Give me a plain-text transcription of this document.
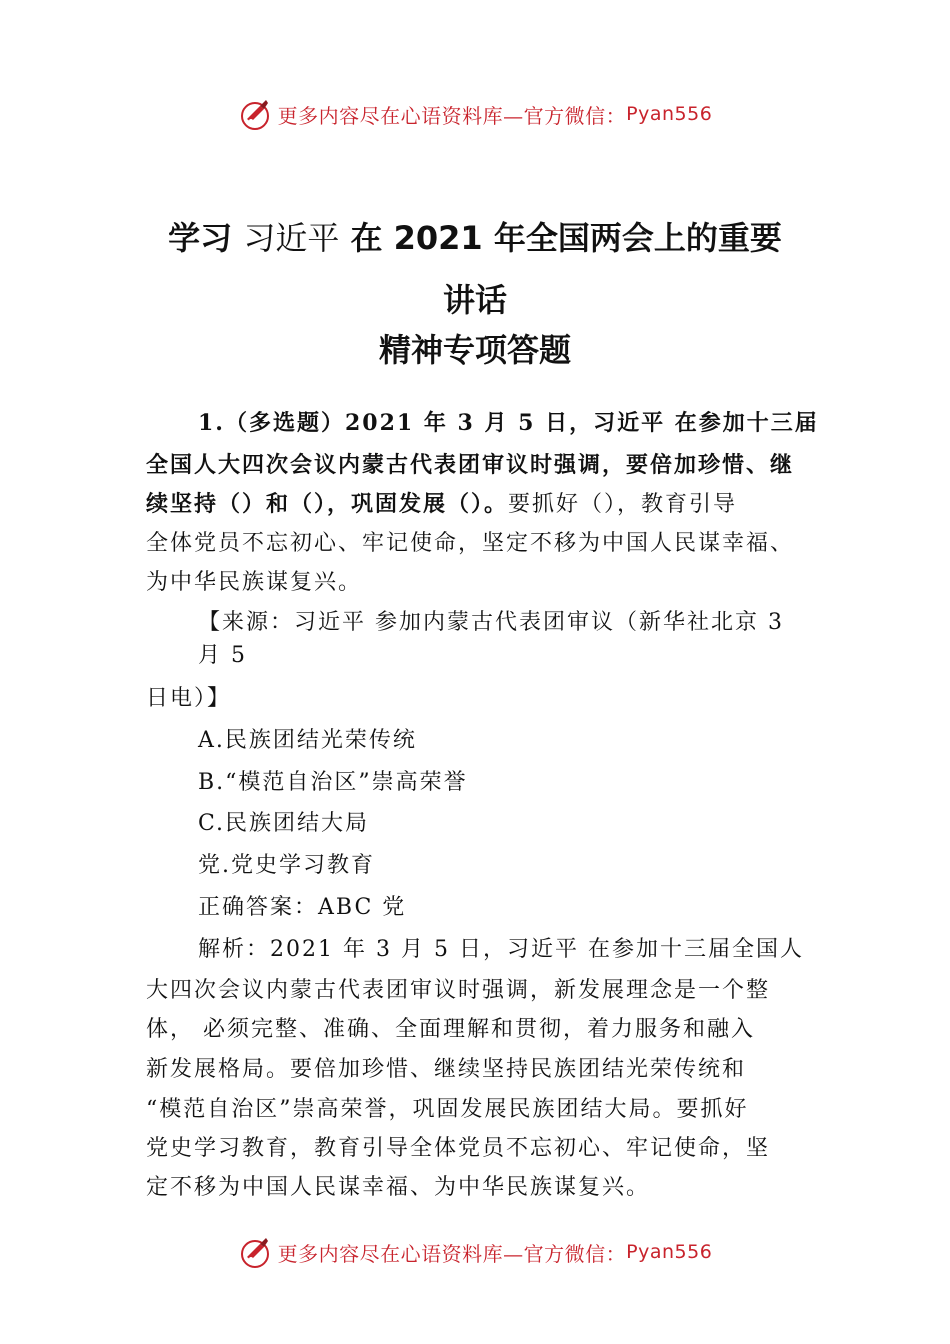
更多内容尽在心语资料库—官方微信： Pyan556
学习 习近平 在 2021 年全国两会上的重要
讲话
精神专项答题
1.（多选题）2021 年 3 月 5 日，习近平 在参加十三届
全国人大四次会议内蒙古代表团审议时强调，要倍加珍惜、继
续坚持（）和（），巩固发展（）。要抓好（），教育引导
全体党员不忘初心、牢记使命，坚定不移为中国人民谋幸福、
为中华民族谋复兴。
【来源：习近平 参加内蒙古代表团审议（新华社北京 3
月 5
日电）】
A.民族团结光荣传统
B.“模范自治区”崇高荣誉
C.民族团结大局
党.党史学习教育
正确答案：ABC 党
解析：2021 年 3 月 5 日，习近平 在参加十三届全国人
大四次会议内蒙古代表团审议时强调，新发展理念是一个整
体， 必须完整、准确、全面理解和贯彻，着力服务和融入
新发展格局。要倍加珍惜、继续坚持民族团结光荣传统和
“模范自治区”崇高荣誉，巩固发展民族团结大局。要抓好
党史学习教育，教育引导全体党员不忘初心、牢记使命，坚
定不移为中国人民谋幸福、为中华民族谋复兴。
更多内容尽在心语资料库—官方微信： Pyan556
